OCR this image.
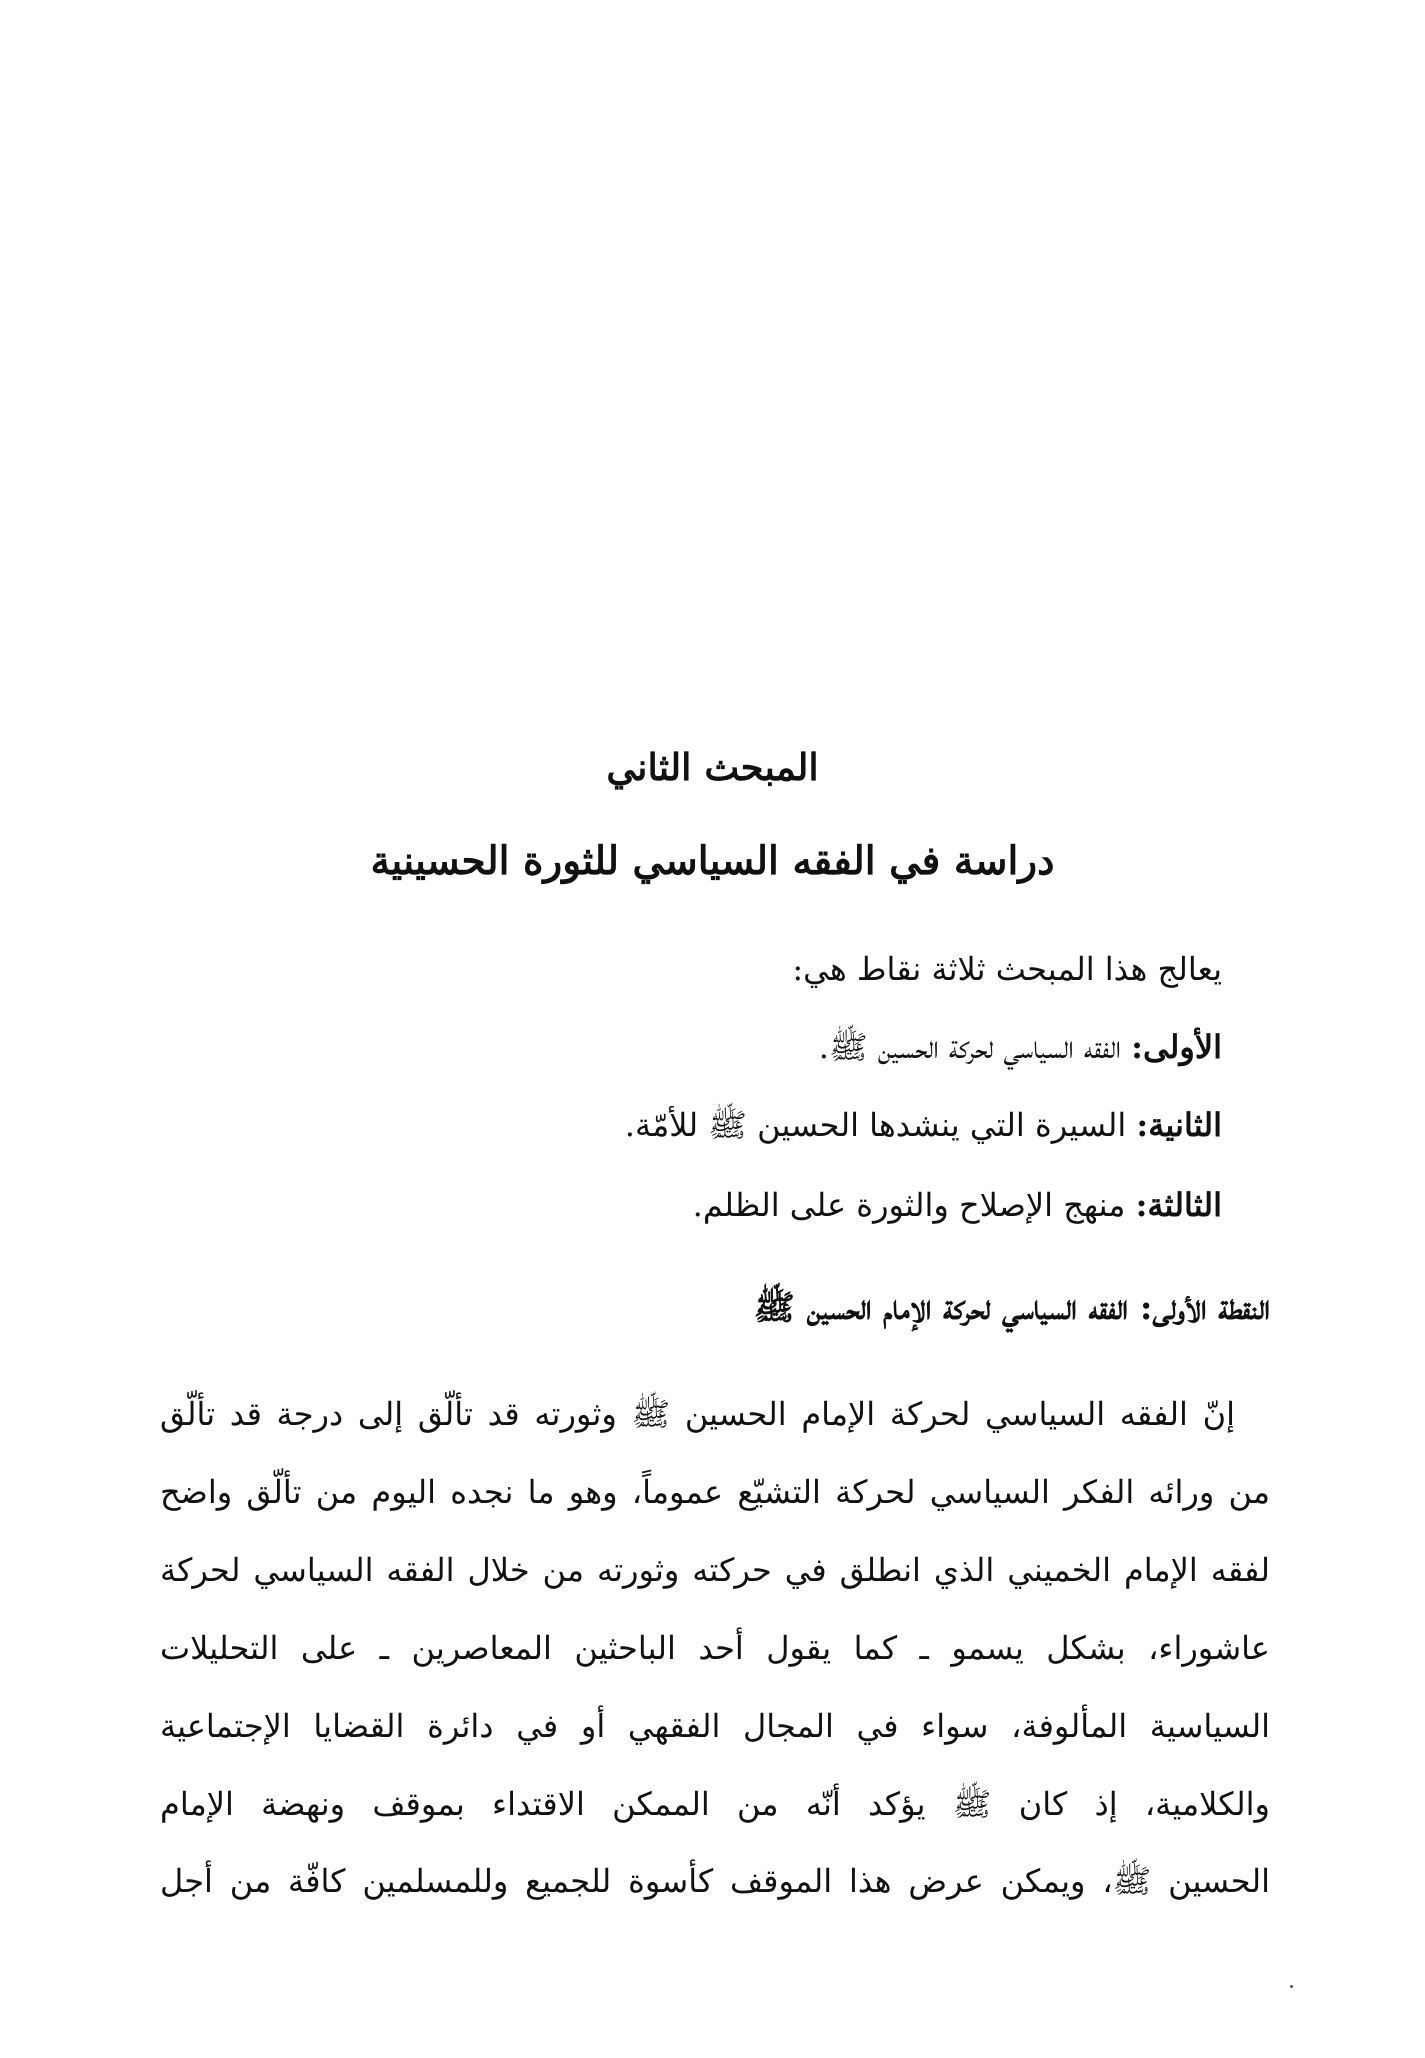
المبحث الثاني
دراسة في الفقه السياسي للثورة الحسينية
يعالج هذا المبحث ثلاثة نقاط هي:
الأولى: الفقه السياسي لحركة الحسين ﷺ.
الثانية: السيرة التي ينشدها الحسين ﷺ للأمّة.
الثالثة: منهج الإصلاح والثورة على الظلم.
النقطة الأولى: الفقه السياسي لحركة الإمام الحسين ﷺ
إنّ الفقه السياسي لحركة الإمام الحسين ﷺ وثورته قد تألّق إلى درجة قد تألّق
من ورائه الفكر السياسي لحركة التشيّع عموماً، وهو ما نجده اليوم من تألّق واضح
لفقه الإمام الخميني الذي انطلق في حركته وثورته من خلال الفقه السياسي لحركة
عاشوراء، بشكل يسمو ـ كما يقول أحد الباحثين المعاصرين ـ على التحليلات
السياسية المألوفة، سواء في المجال الفقهي أو في دائرة القضايا الإجتماعية
والكلامية، إذ كان ﷺ يؤكد أنّه من الممكن الاقتداء بموقف ونهضة الإمام
الحسين ﷺ، ويمكن عرض هذا الموقف كأسوة للجميع وللمسلمين كافّة من أجل
